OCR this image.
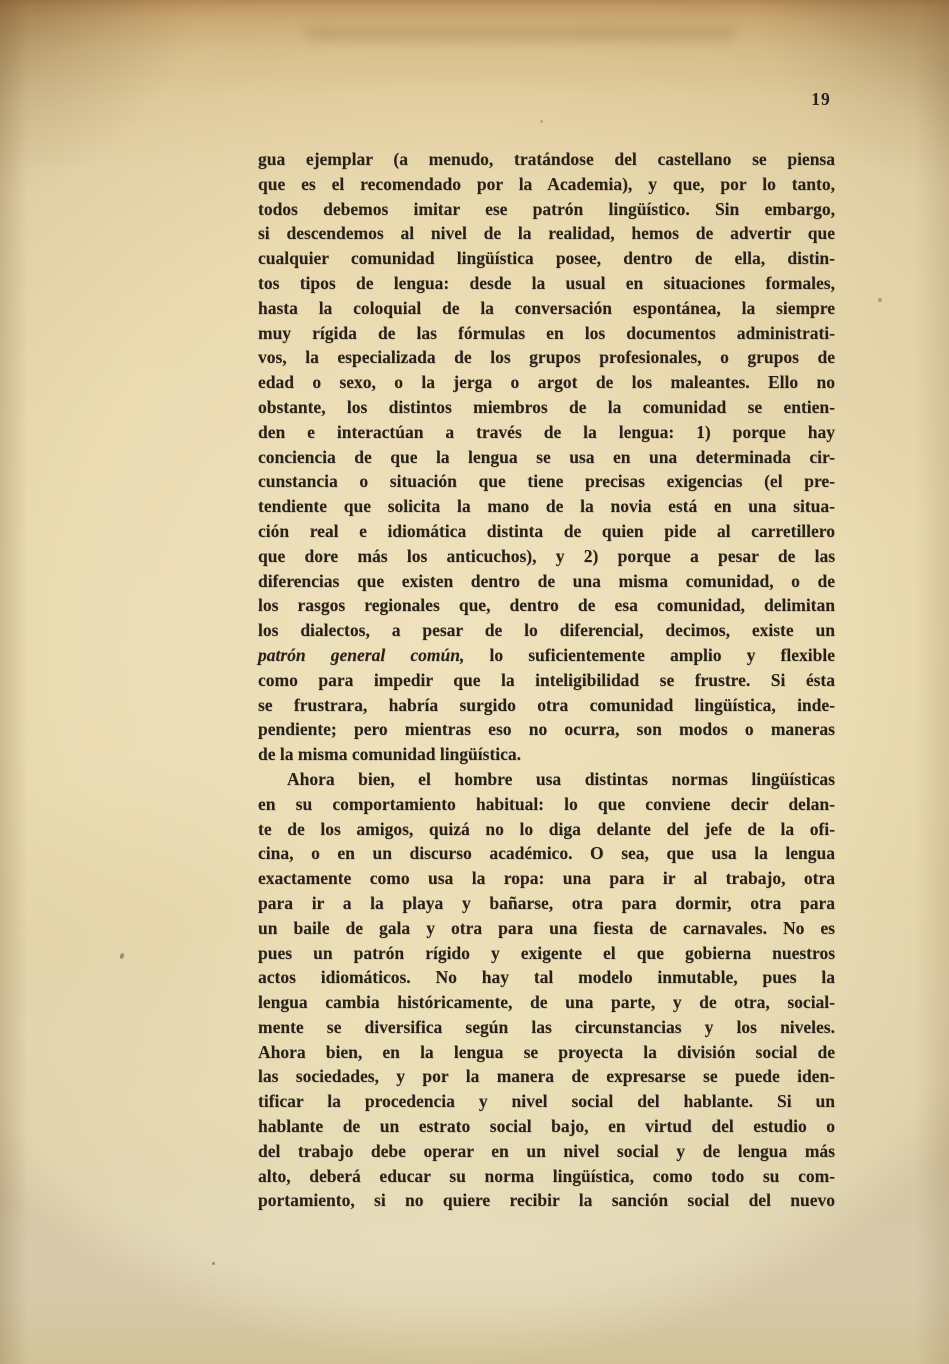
19

gua ejemplar (a menudo, tratándose del castellano se piensa
que es el recomendado por la Academia), y que, por lo tanto,
todos debemos imitar ese patrón lingüístico. Sin embargo,
si descendemos al nivel de la realidad, hemos de advertir que
cualquier comunidad lingüística posee, dentro de ella, distin-
tos tipos de lengua: desde la usual en situaciones formales,
hasta la coloquial de la conversación espontánea, la siempre
muy rígida de las fórmulas en los documentos administrati-
vos, la especializada de los grupos profesionales, o grupos de
edad o sexo, o la jerga o argot de los maleantes. Ello no
obstante, los distintos miembros de la comunidad se entien-
den e interactúan a través de la lengua: 1) porque hay
conciencia de que la lengua se usa en una determinada cir-
cunstancia o situación que tiene precisas exigencias (el pre-
tendiente que solicita la mano de la novia está en una situa-
ción real e idiomática distinta de quien pide al carretillero
que dore más los anticuchos), y 2) porque a pesar de las
diferencias que existen dentro de una misma comunidad, o de
los rasgos regionales que, dentro de esa comunidad, delimitan
los dialectos, a pesar de lo diferencial, decimos, existe un
patrón general común, lo suficientemente amplio y flexible
como para impedir que la inteligibilidad se frustre. Si ésta
se frustrara, habría surgido otra comunidad lingüística, inde-
pendiente; pero mientras eso no ocurra, son modos o maneras
de la misma comunidad lingüística.

Ahora bien, el hombre usa distintas normas lingüísticas
en su comportamiento habitual: lo que conviene decir delan-
te de los amigos, quizá no lo diga delante del jefe de la ofi-
cina, o en un discurso académico. O sea, que usa la lengua
exactamente como usa la ropa: una para ir al trabajo, otra
para ir a la playa y bañarse, otra para dormir, otra para
un baile de gala y otra para una fiesta de carnavales. No es
pues un patrón rígido y exigente el que gobierna nuestros
actos idiomáticos. No hay tal modelo inmutable, pues la
lengua cambia históricamente, de una parte, y de otra, social-
mente se diversifica según las circunstancias y los niveles.
Ahora bien, en la lengua se proyecta la división social de
las sociedades, y por la manera de expresarse se puede iden-
tificar la procedencia y nivel social del hablante. Si un
hablante de un estrato social bajo, en virtud del estudio o
del trabajo debe operar en un nivel social y de lengua más
alto, deberá educar su norma lingüística, como todo su com-
portamiento, si no quiere recibir la sanción social del nuevo
